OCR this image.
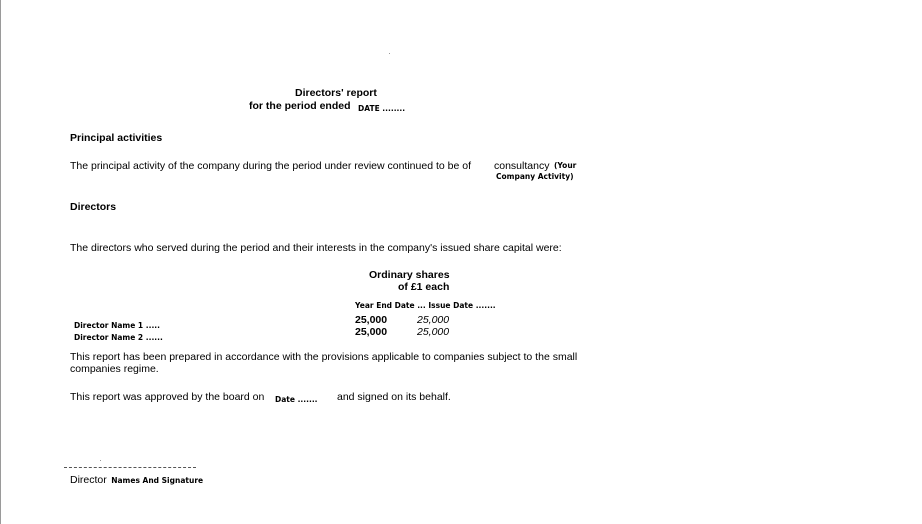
Directors' report
for the period ended DATE ........
Principal activities
The principal activity of the company during the period under review continued to be of consultancy (Your
Company Activity)
Directors
The directors who served during the period and their interests in the company's issued share capital were:
Ordinary shares
of £1 each
Year End Date ... Issue Date .......
Director Name 1 .....	25,000	25,000
Director Name 2 ......	25,000	25,000
This report has been prepared in accordance with the provisions applicable to companies subject to the small
companies regime.
This report was approved by the board on Date ....... and signed on its behalf.
Director Names And Signature
